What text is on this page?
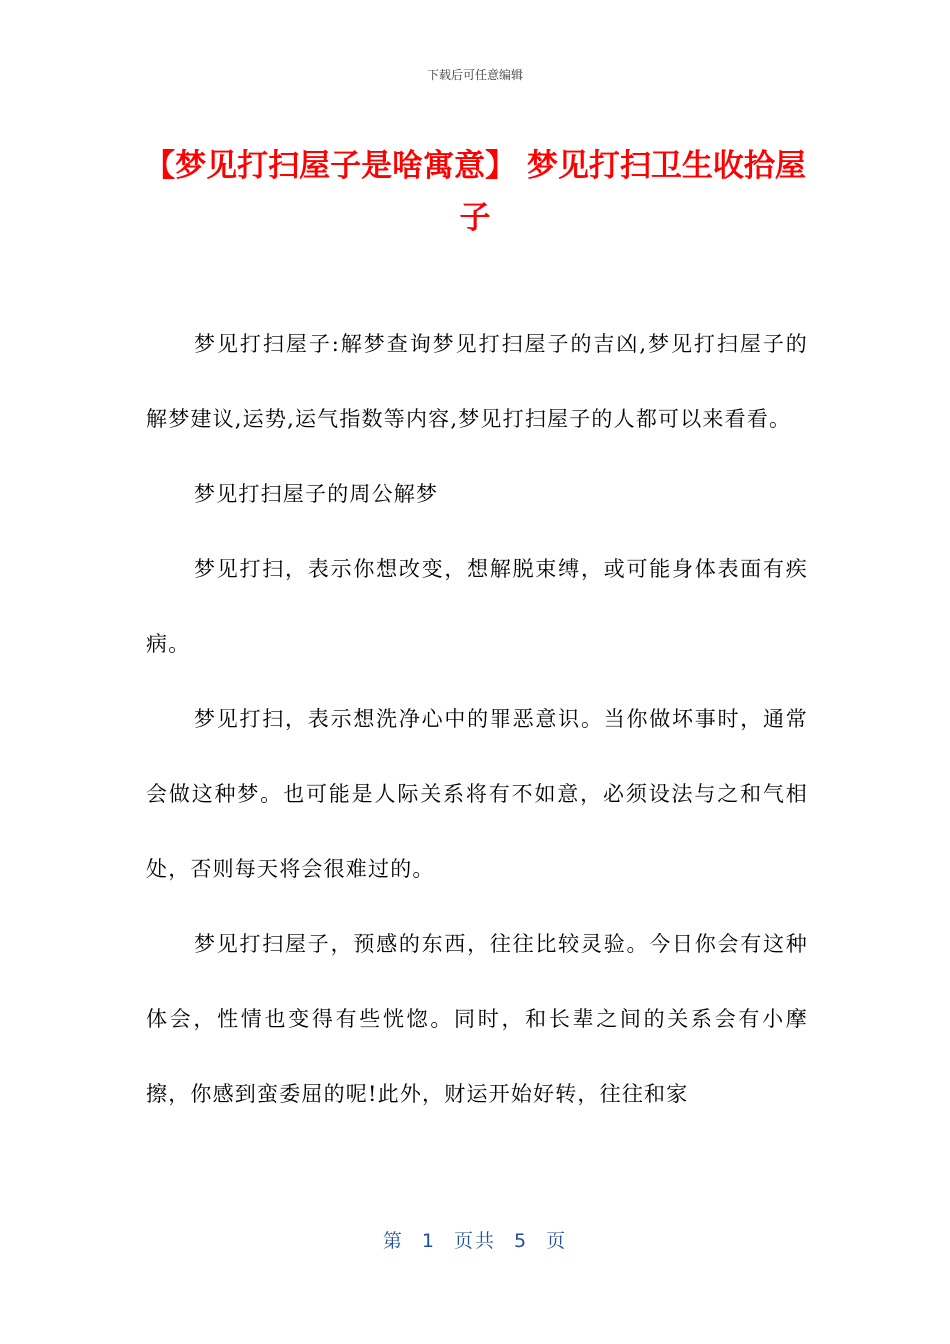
下载后可任意编辑
【梦见打扫屋子是啥寓意】 梦见打扫卫生收拾屋子

梦见打扫屋子:解梦查询梦见打扫屋子的吉凶,梦见打扫屋子的解梦建议,运势,运气指数等内容,梦见打扫屋子的人都可以来看看。

梦见打扫屋子的周公解梦

梦见打扫，表示你想改变，想解脱束缚，或可能身体表面有疾病。

梦见打扫，表示想洗净心中的罪恶意识。当你做坏事时，通常会做这种梦。也可能是人际关系将有不如意，必须设法与之和气相处，否则每天将会很难过的。

梦见打扫屋子，预感的东西，往往比较灵验。今日你会有这种体会，性情也变得有些恍惚。同时，和长辈之间的关系会有小摩擦，你感到蛮委屈的呢!此外，财运开始好转，往往和家

第 1 页共 5 页
